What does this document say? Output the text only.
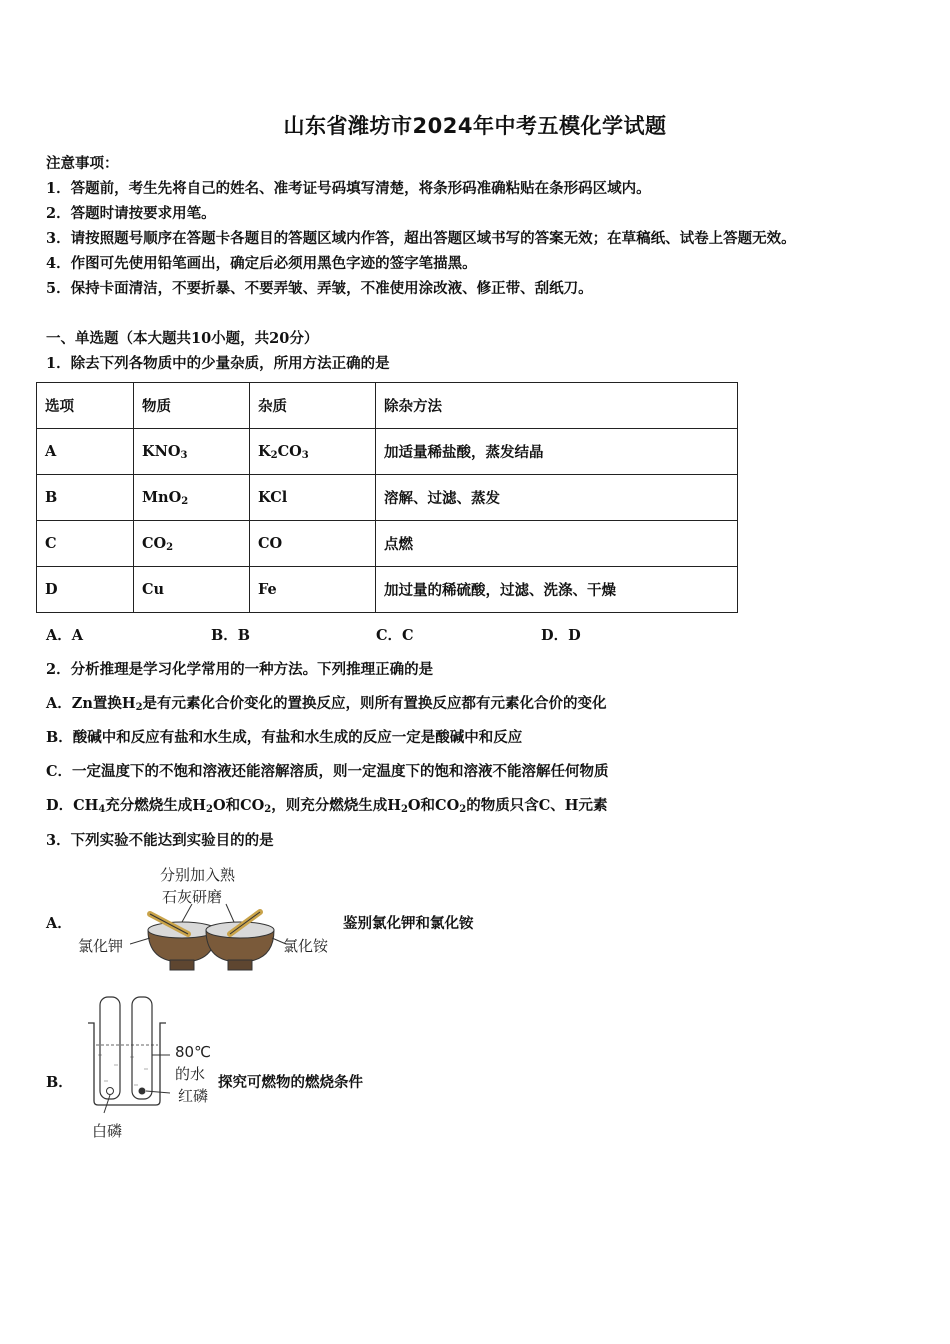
山东省潍坊市2024年中考五模化学试题
注意事项：
1．答题前，考生先将自己的姓名、准考证号码填写清楚，将条形码准确粘贴在条形码区域内。
2．答题时请按要求用笔。
3．请按照题号顺序在答题卡各题目的答题区域内作答，超出答题区域书写的答案无效；在草稿纸、试卷上答题无效。
4．作图可先使用铅笔画出，确定后必须用黑色字迹的签字笔描黑。
5．保持卡面清洁，不要折暴、不要弄皱、弄皱，不准使用涂改液、修正带、刮纸刀。
一、单选题（本大题共10小题，共20分）
1．除去下列各物质中的少量杂质，所用方法正确的是
选项	物质	杂质	除杂方法
A	$KNO_3$	$K_2CO_3$	加适量稀盐酸，蒸发结晶
B	MnO$_2$	KCl	溶解、过滤、蒸发
C	$CO_2$	CO	点燃
D	Cu	Fe	加过量的稀硫酸，过滤、洗涤、干燥
A．A	B．B	C．C	D．D
2．分析推理是学习化学常用的一种方法。下列推理正确的是
A．Zn置换$H_2$是有元素化合价变化的置换反应，则所有置换反应都有元素化合价的变化
B．酸碱中和反应有盐和水生成，有盐和水生成的反应一定是酸碱中和反应
C．一定温度下的不饱和溶液还能溶解溶质，则一定温度下的饱和溶液不能溶解任何物质
D．$CH_4$充分燃烧生成$H_2O$和$CO_2$，则充分燃烧生成$H_2O$和$CO_2$的物质只含C、H元素
3．下列实验不能达到实验目的的是
A．
分别加入熟
石灰研磨
氯化钾	氯化铵
鉴别氯化钾和氯化铵
B．
80℃
的水
红磷
白磷
探究可燃物的燃烧条件
